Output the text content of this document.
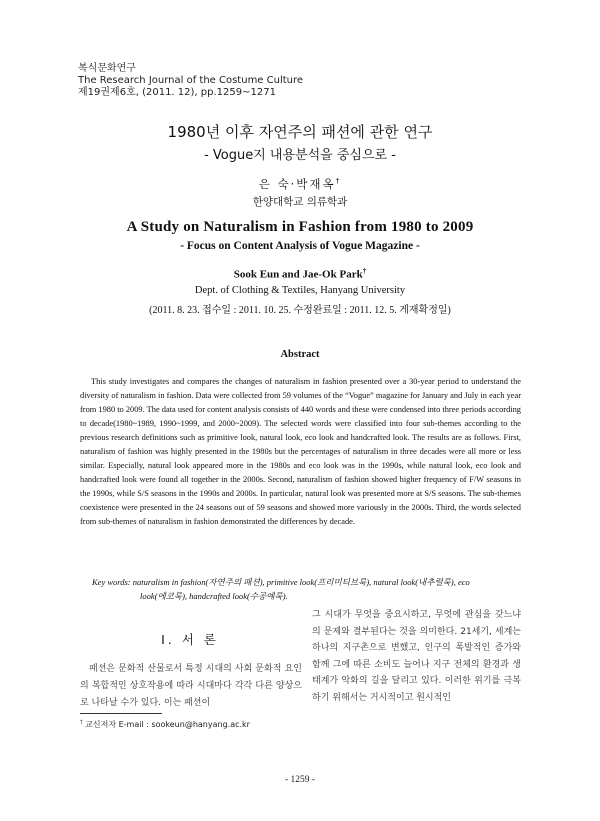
복식문화연구
The Research Journal of the Costume Culture
제19권제6호, (2011. 12), pp.1259~1271
1980년 이후 자연주의 패션에 관한 연구
- Vogue지 내용분석을 중심으로 -
은 숙·박재옥†
한양대학교 의류학과
A Study on Naturalism in Fashion from 1980 to 2009
- Focus on Content Analysis of Vogue Magazine -
Sook Eun and Jae-Ok Park†
Dept. of Clothing & Textiles, Hanyang University
(2011. 8. 23. 접수일 : 2011. 10. 25. 수정완료일 : 2011. 12. 5. 게재확정일)
Abstract
This study investigates and compares the changes of naturalism in fashion presented over a 30-year period to understand the diversity of naturalism in fashion. Data were collected from 59 volumes of the “Vogue” magazine for January and July in each year from 1980 to 2009. The data used for content analysis consists of 440 words and these were condensed into three periods according to decade(1980~1989, 1990~1999, and 2000~2009). The selected words were classified into four sub-themes according to the previous research definitions such as primitive look, natural look, eco look and handcrafted look. The results are as follows. First, naturalism of fashion was highly presented in the 1980s but the percentages of naturalism in three decades were all more or less similar. Especially, natural look appeared more in the 1980s and eco look was in the 1990s, while natural look, eco look and handcrafted look were found all together in the 2000s. Second, naturalism of fashion showed higher frequency of F/W seasons in the 1990s, while S/S seasons in the 1990s and 2000s. In particular, natural look was presented more at S/S seasons. The sub-themes coexistence were presented in the 24 seasons out of 59 seasons and showed more variously in the 2000s. Third, the words selected from sub-themes of naturalism in fashion demonstrated the differences by decade.
Key words: naturalism in fashion(자연주의 패션), primitive look(프리미티브룩), natural look(내추럴룩), eco
look(에코룩), handcrafted look(수공예룩).
Ⅰ. 서 론
패션은 문화적 산물로서 특정 시대의 사회 문화적 요인의 복합적인 상호작용에 따라 시대마다 각각 다른 양상으로 나타날 수가 있다. 이는 패션이
그 시대가 무엇을 중요시하고, 무엇에 관심을 갖느냐의 문제와 결부된다는 것을 의미한다. 21세기, 세계는 하나의 지구촌으로 변했고, 인구의 폭발적인 증가와 함께 그에 따른 소비도 늘어나 지구 전체의 환경과 생태계가 악화의 길을 달리고 있다. 이러한 위기를 극복하기 위해서는 거시적이고 원시적인
† 교신저자 E-mail : sookeun@hanyang.ac.kr
- 1259 -
